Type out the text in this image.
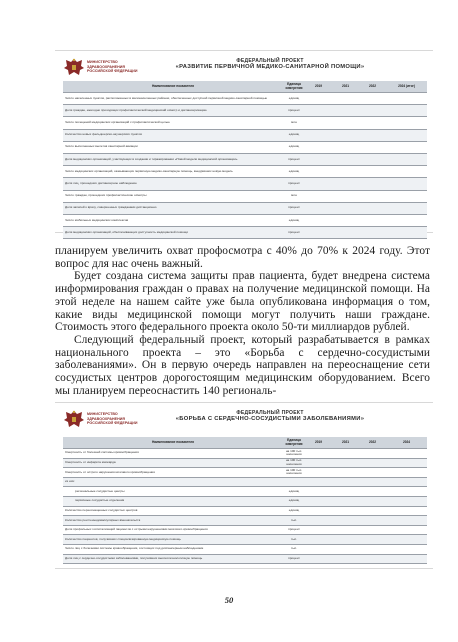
МИНИСТЕРСТВО ЗДРАВООХРАНЕНИЯ РОССИЙСКОЙ ФЕДЕРАЦИИ
ФЕДЕРАЛЬНЫЙ ПРОЕКТ
«РАЗВИТИЕ ПЕРВИЧНОЙ МЕДИКО-САНИТАРНОЙ ПОМОЩИ»
Наименование показателя	Единица измерения	2019	2021	2022	2024 (итог)
Число населенных пунктов, расположенных в малонаселенных районах, обеспеченных доступной первичной медико-санитарной помощью	единиц				
Доля граждан, ежегодно проходящих профилактический медицинский осмотр и диспансеризацию	процент				
Число посещений медицинских организаций с профилактической целью	млн				
Количество новых фельдшерско-акушерских пунктов	единиц				
Число выполненных вылетов санитарной авиации	единиц				
Доля медицинских организаций, участвующих в создании и тиражировании «Новой модели медицинской организации»	процент				
Число медицинских организаций, оказывающих первичную медико-санитарную помощь, внедривших новую модель	единиц				
Доля лиц, прошедших диспансерное наблюдение	процент				
Число граждан, прошедших профилактические осмотры	млн				
Доля записей к врачу, совершенных гражданами дистанционно	процент				
Число мобильных медицинских комплексов	единиц				
Доля медицинских организаций, обеспечивающих доступность медицинской помощи	процент				

планируем увеличить охват профосмотра с 40% до 70% к 2024 году. Этот вопрос для нас очень важный.

Будет создана система защиты прав пациента, будет внедрена система информирования граждан о правах на получение медицинской помощи. На этой неделе на нашем сайте уже была опубликована информация о том, какие виды медицинской помощи могут получить наши граждане. Стоимость этого федерального проекта около 50-ти миллиардов рублей.

Следующий федеральный проект, который разрабатывается в рамках национального проекта – это «Борьба с сердечно-сосудистыми заболеваниями». Он в первую очередь направлен на переоснащение сети сосудистых центров дорогостоящим медицинским оборудованием. Всего мы планируем переоснастить 140 региональ-

МИНИСТЕРСТВО ЗДРАВООХРАНЕНИЯ РОССИЙСКОЙ ФЕДЕРАЦИИ
ФЕДЕРАЛЬНЫЙ ПРОЕКТ
«БОРЬБА С СЕРДЕЧНО-СОСУДИСТЫМИ ЗАБОЛЕВАНИЯМИ»
Наименование показателя	Единица измерения	2019	2021	2022	2024
Смертность от болезней системы кровообращения	на 100 тыс. населения				
Смертность от инфаркта миокарда	на 100 тыс. населения				
Смертность от острого нарушения мозгового кровообращения	на 100 тыс. населения				
из них:					
региональные сосудистые центры	единиц				
первичные сосудистые отделения	единиц				
Количество переоснащенных сосудистых центров	единиц				
Количество рентгенэндоваскулярных вмешательств	тыс.				
Доля профильных госпитализаций пациентов с острыми нарушениями мозгового кровообращения	процент				
Количество пациентов, получивших специализированную медицинскую помощь	тыс.				
Число лиц с болезнями системы кровообращения, состоящих под диспансерным наблюдением	тыс.				
Доля лиц с сердечно-сосудистыми заболеваниями, получивших высокотехнологичную помощь	процент				
50
